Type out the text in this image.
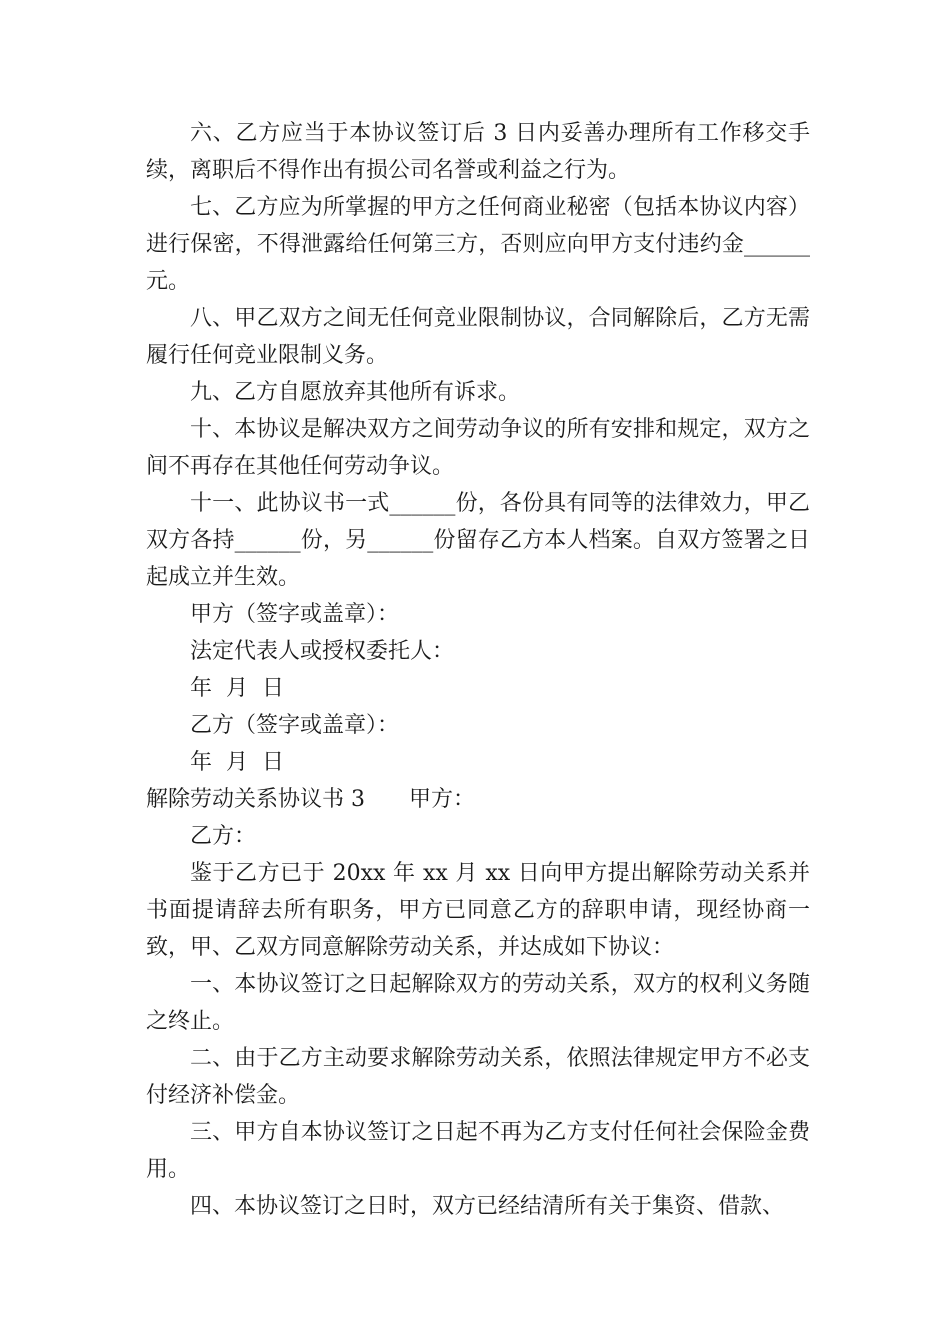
六、乙方应当于本协议签订后 3 日内妥善办理所有工作移交手续，离职后不得作出有损公司名誉或利益之行为。

七、乙方应为所掌握的甲方之任何商业秘密（包括本协议内容）进行保密，不得泄露给任何第三方，否则应向甲方支付违约金______元。

八、甲乙双方之间无任何竞业限制协议，合同解除后，乙方无需履行任何竞业限制义务。

九、乙方自愿放弃其他所有诉求。

十、本协议是解决双方之间劳动争议的所有安排和规定，双方之间不再存在其他任何劳动争议。

十一、此协议书一式______份，各份具有同等的法律效力，甲乙双方各持______份，另______份留存乙方本人档案。自双方签署之日起成立并生效。

甲方（签字或盖章）：

法定代表人或授权委托人：

年  月  日

乙方（签字或盖章）：

年  月  日

解除劳动关系协议书 3 甲方：

乙方：

鉴于乙方已于 20xx 年 xx 月 xx 日向甲方提出解除劳动关系并书面提请辞去所有职务，甲方已同意乙方的辞职申请，现经协商一致，甲、乙双方同意解除劳动关系，并达成如下协议：

一、本协议签订之日起解除双方的劳动关系，双方的权利义务随之终止。

二、由于乙方主动要求解除劳动关系，依照法律规定甲方不必支付经济补偿金。

三、甲方自本协议签订之日起不再为乙方支付任何社会保险金费用。

四、本协议签订之日时，双方已经结清所有关于集资、借款、
